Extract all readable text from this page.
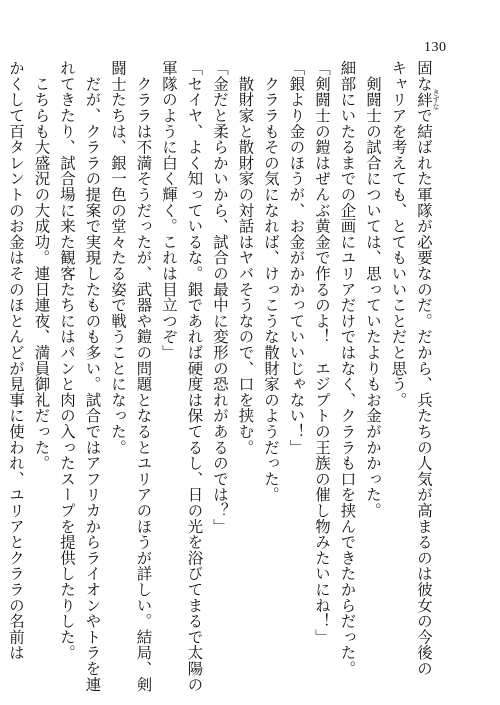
130
固な絆 きずなで結ばれた軍隊が必要なのだ。だから、兵たちの人気が高まるのは彼女の今後の
キャリアを考えても、とてもいいことだと思う。
剣闘士の試合については、思っていたよりもお金がかかった。
細部にいたるまでの企画にユリアだけではなく、クララも口を挟んできたからだった。
「剣闘士の鎧はぜんぶ黄金で作るのよ！　エジプトの王族の催し物みたいにね！」
「銀より金のほうが、お金がかかっていいじゃない！」
クララもその気になれば、けっこうな散財家のようだった。
散財家と散財家の対話はヤバそうなので、口を挟む。
「金だと柔らかいから、試合の最中に変形の恐れがあるのでは？」
「セイヤ、よく知っているな。銀であれば硬度は保てるし、日の光を浴びてまるで太陽の
軍隊のように白く輝く。これは目立つぞ」
クララは不満そうだったが、武器や鎧の問題となるとユリアのほうが詳しい。結局、剣
闘士たちは、銀一色の堂々たる姿で戦うことになった。
だが、クララの提案で実現したものも多い。試合ではアフリカからライオンやトラを連
れてきたり、試合場に来た観客たちにはパンと肉の入ったスープを提供したりした。
こちらも大盛況の大成功。連日連夜、満員御礼だった。
かくして百タレントのお金はそのほとんどが見事に使われ、ユリアとクララの名前は
